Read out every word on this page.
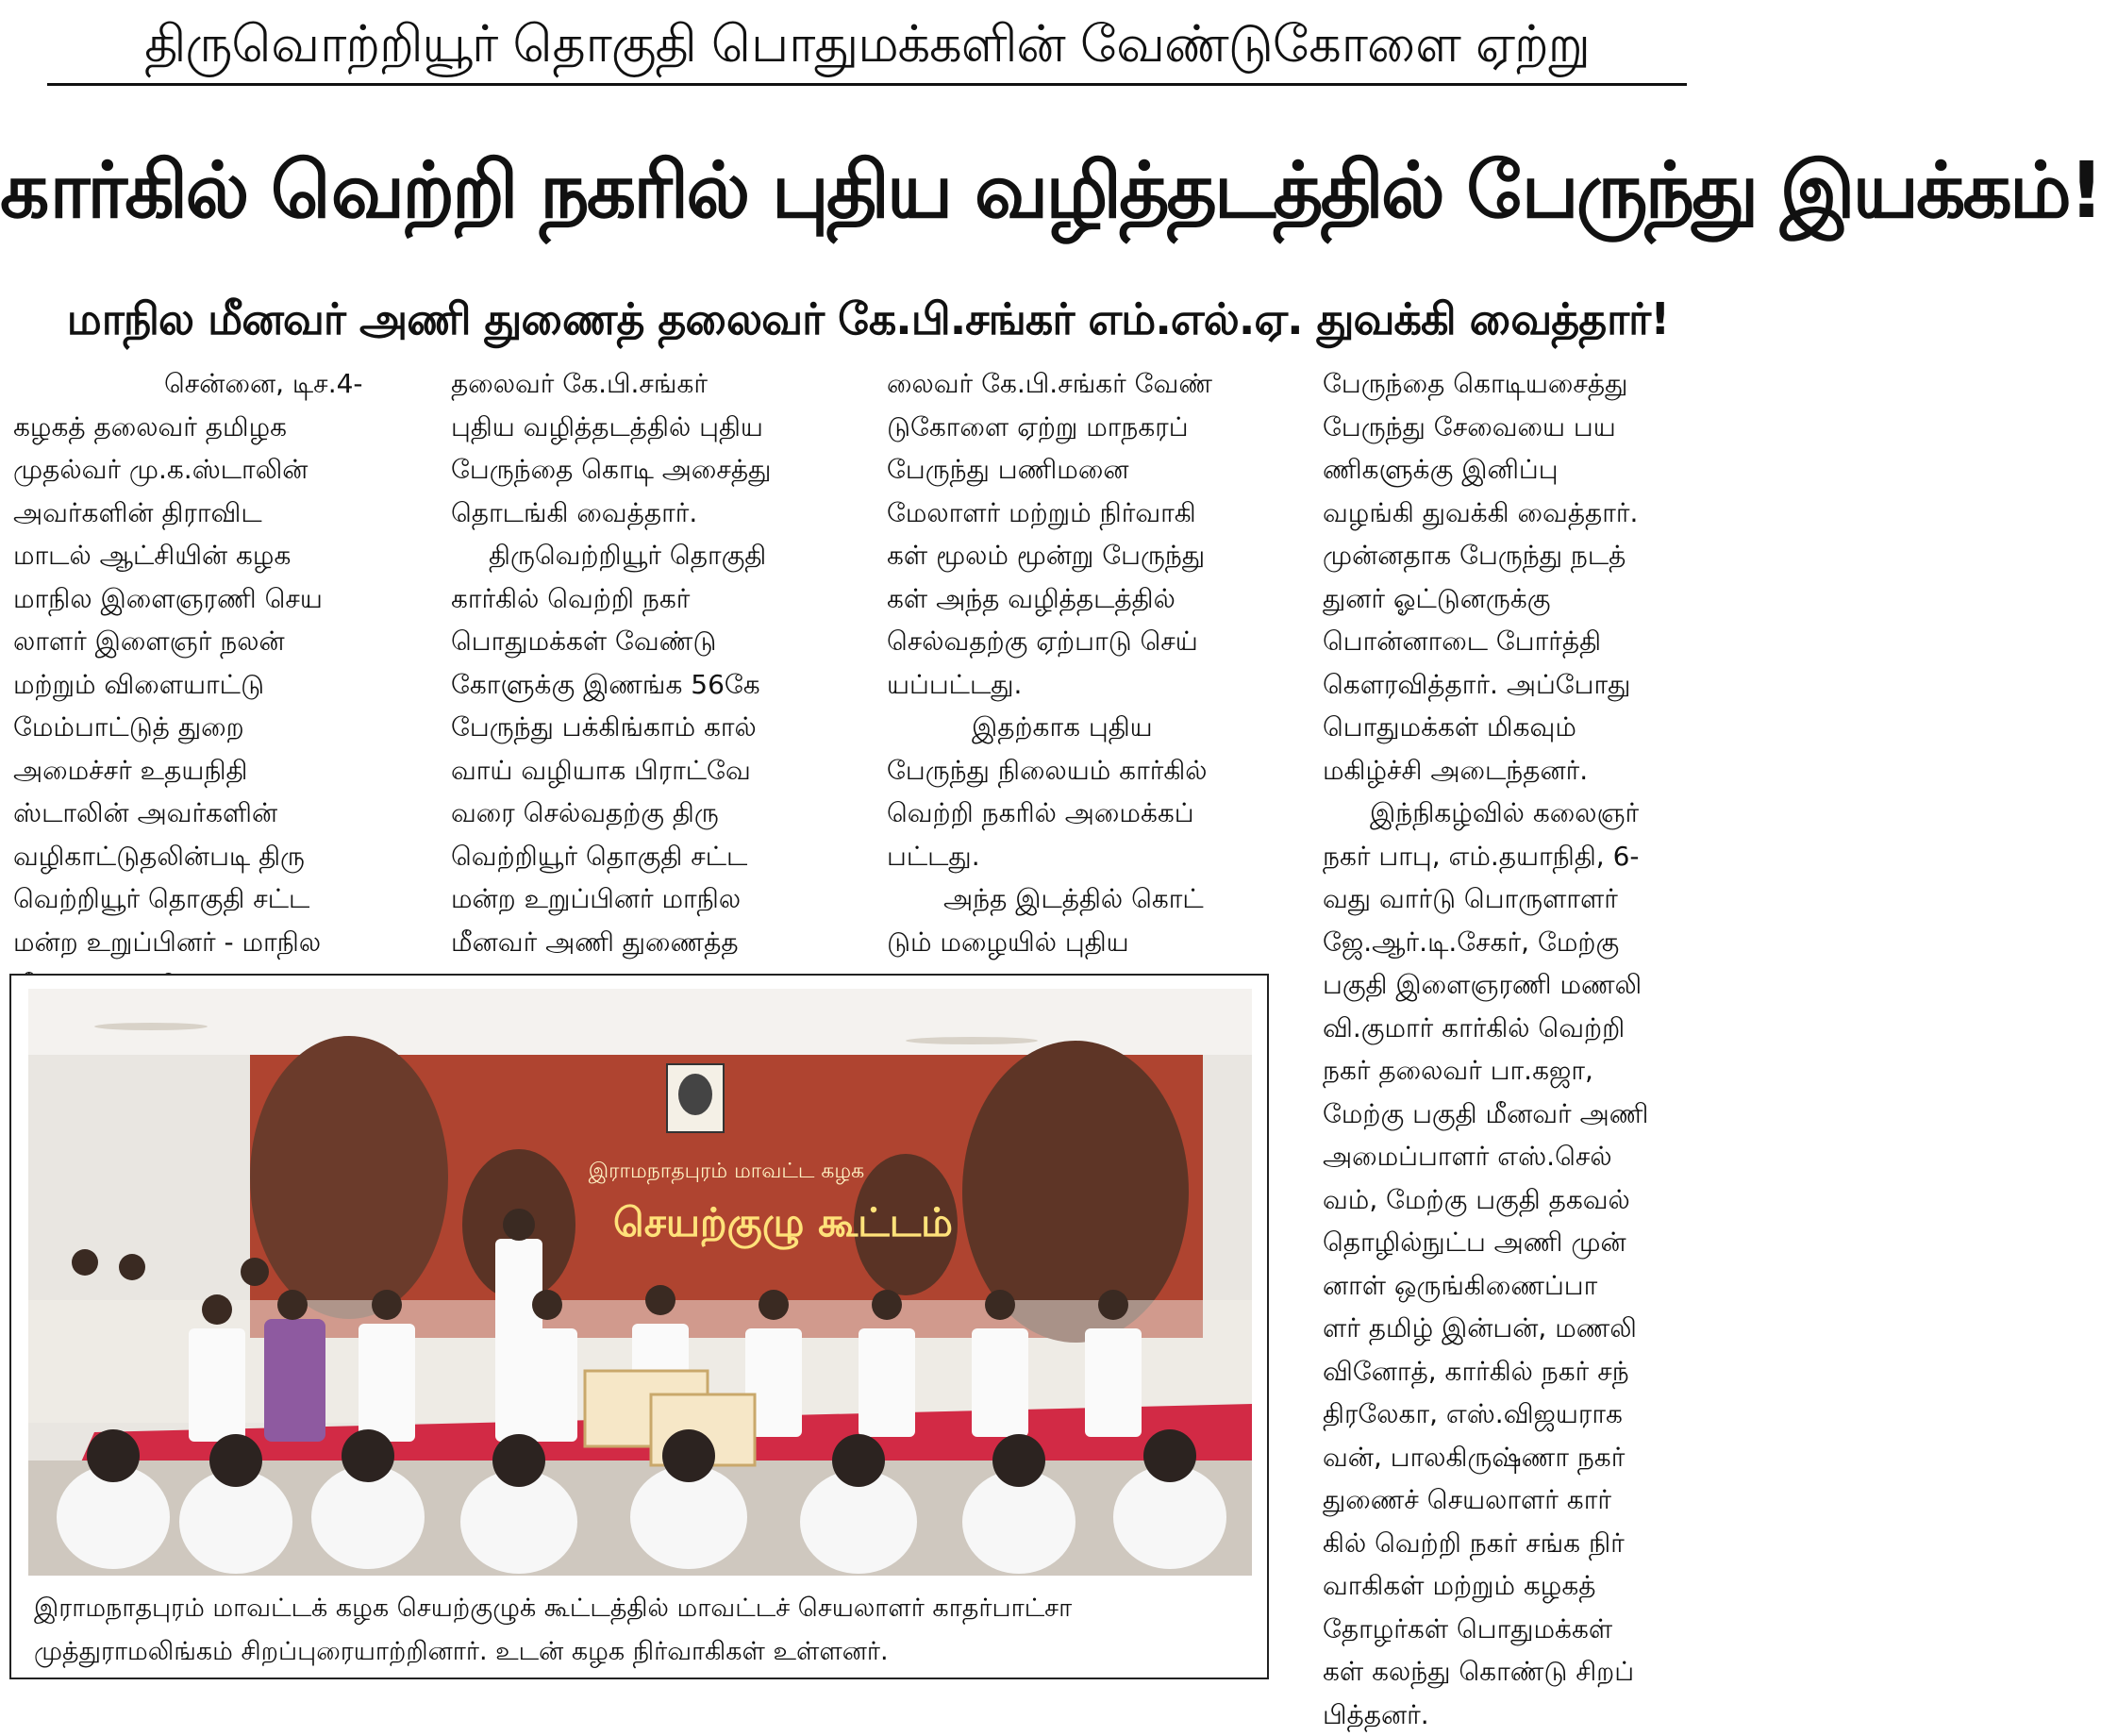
திருவொற்றியூர் தொகுதி பொதுமக்களின் வேண்டுகோளை ஏற்று
கார்கில் வெற்றி நகரில் புதிய வழித்தடத்தில் பேருந்து இயக்கம்!
மாநில மீனவர் அணி துணைத் தலைவர் கே.பி.சங்கர் எம்.எல்.ஏ. துவக்கி வைத்தார்!
சென்னை, டிச.4-
கழகத் தலைவர் தமிழக
முதல்வர் மு.க.ஸ்டாலின்
அவர்களின் திராவிட
மாடல் ஆட்சியின் கழக
மாநில இளைஞரணி செய
லாளர் இளைஞர் நலன்
மற்றும் விளையாட்டு
மேம்பாட்டுத் துறை
அமைச்சர் உதயநிதி
ஸ்டாலின் அவர்களின்
வழிகாட்டுதலின்படி திரு
வெற்றியூர் தொகுதி சட்ட
மன்ற உறுப்பினர் - மாநில
தலைவர் கே.பி.சங்கர்
புதிய வழித்தடத்தில் புதிய
பேருந்தை கொடி அசைத்து
தொடங்கி வைத்தார்.
திருவெற்றியூர் தொகுதி
கார்கில் வெற்றி நகர்
பொதுமக்கள் வேண்டு
கோளுக்கு இணங்க 56கே
பேருந்து பக்கிங்காம் கால்
வாய் வழியாக பிராட்வே
வரை செல்வதற்கு திரு
வெற்றியூர் தொகுதி சட்ட
மன்ற உறுப்பினர் மாநில
மீனவர் அணி துணைத்த
லைவர் கே.பி.சங்கர் வேண்
டுகோளை ஏற்று மாநகரப்
பேருந்து பணிமனை
மேலாளர் மற்றும் நிர்வாகி
கள் மூலம் மூன்று பேருந்து
கள் அந்த வழித்தடத்தில்
செல்வதற்கு ஏற்பாடு செய்
யப்பட்டது.
இதற்காக புதிய
பேருந்து நிலையம் கார்கில்
வெற்றி நகரில் அமைக்கப்
பட்டது.
அந்த இடத்தில் கொட்
டும் மழையில் புதிய
பேருந்தை கொடியசைத்து
பேருந்து சேவையை பய
ணிகளுக்கு இனிப்பு
வழங்கி துவக்கி வைத்தார்.
முன்னதாக பேருந்து நடத்
துனர் ஓட்டுனருக்கு
பொன்னாடை போர்த்தி
கௌரவித்தார். அப்போது
பொதுமக்கள் மிகவும்
மகிழ்ச்சி அடைந்தனர்.
இந்நிகழ்வில் கலைஞர்
நகர் பாபு, எம்.தயாநிதி, 6-
வது வார்டு பொருளாளர்
ஜே.ஆர்.டி.சேகர், மேற்கு
பகுதி இளைஞரணி மணலி
வி.குமார் கார்கில் வெற்றி
நகர் தலைவர் பா.கஜா,
மேற்கு பகுதி மீனவர் அணி
அமைப்பாளர் எஸ்.செல்
வம், மேற்கு பகுதி தகவல்
தொழில்நுட்ப அணி முன்
னாள் ஒருங்கிணைப்பா
ளர் தமிழ் இன்பன், மணலி
வினோத், கார்கில் நகர் சந்
திரலேகா, எஸ்.விஜயராக
வன், பாலகிருஷ்ணா நகர்
துணைச் செயலாளர் கார்
கில் வெற்றி நகர் சங்க நிர்
வாகிகள் மற்றும் கழகத்
தோழர்கள் பொதுமக்கள்
கள் கலந்து கொண்டு சிறப்
பித்தனர்.
இராமநாதபுரம் மாவட்ட கழக
செயற்குழு கூட்டம்
இராமநாதபுரம் மாவட்டக் கழக செயற்குழுக் கூட்டத்தில் மாவட்டச் செயலாளர் காதர்பாட்சா
முத்துராமலிங்கம் சிறப்புரையாற்றினார். உடன் கழக நிர்வாகிகள் உள்ளனர்.
